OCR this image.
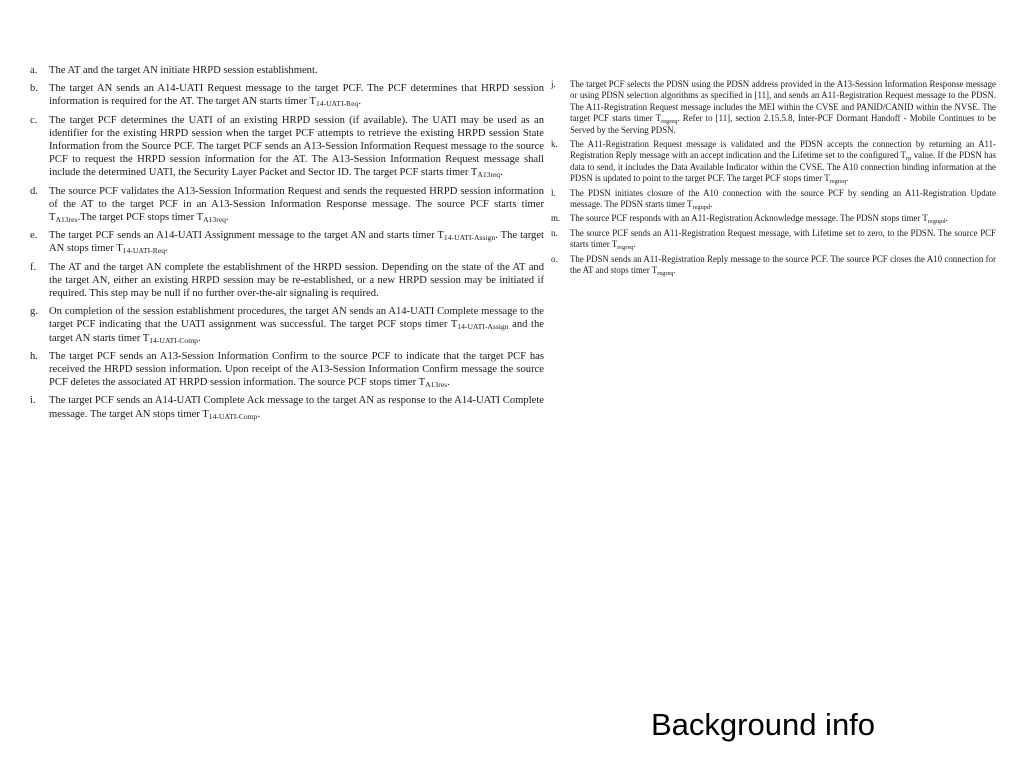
a.	The AT and the target AN initiate HRPD session establishment.
b.	The target AN sends an A14-UATI Request message to the target PCF. The PCF determines that HRPD session information is required for the AT. The target AN starts timer $T_{14-UATI-Req}$.
c.	The target PCF determines the UATI of an existing HRPD session (if available). The UATI may be used as an identifier for the existing HRPD session when the target PCF attempts to retrieve the existing HRPD session State Information from the Source PCF. The target PCF sends an A13-Session Information Request message to the source PCF to request the HRPD session information for the AT. The A13-Session Information Request message shall include the determined UATI, the Security Layer Packet and Sector ID. The target PCF starts timer $T_{A13req}$.
d.	The source PCF validates the A13-Session Information Request and sends the requested HRPD session information of the AT to the target PCF in an A13-Session Information Response message. The source PCF starts timer $T_{A13res}.The$ target PCF stops timer $T_{A13req}$.
e.	The target PCF sends an A14-UATI Assignment message to the target AN and starts timer $T_{14-UATI-Assign}$. The target AN stops timer $T_{14-UATI-Req}$.
f.	The AT and the target AN complete the establishment of the HRPD session. Depending on the state of the AT and the target AN, either an existing HRPD session may be re-established, or a new HRPD session may be initiated if required. This step may be null if no further over-the-air signaling is required.
g.	On completion of the session establishment procedures, the target AN sends an A14-UATI Complete message to the target PCF indicating that the UATI assignment was successful. The target PCF stops timer $T_{14-UATI-Assign}$ and the target AN starts timer $T_{14-UATI-Comp}$.
h.	The target PCF sends an A13-Session Information Confirm to the source PCF to indicate that the target PCF has received the HRPD session information. Upon receipt of the A13-Session Information Confirm message the source PCF deletes the associated AT HRPD session information. The source PCF stops timer $T_{A13res}$.
i.	The target PCF sends an A14-UATI Complete Ack message to the target AN as response to the A14-UATI Complete message. The target AN stops timer $T_{14-UATI-Comp}$.
j.	The target PCF selects the PDSN using the PDSN address provided in the A13-Session Information Response message or using PDSN selection algorithms as specified in [11], and sends an A11-Registration Request message to the PDSN. The A11-Registration Request message includes the MEI within the CVSE and PANID/CANID within the NVSE. The target PCF starts timer $T_{regreq}$. Refer to [11], section 2.15.5.8, Inter-PCF Dormant Handoff - Mobile Continues to be Served by the Serving PDSN.
k.	The A11-Registration Request message is validated and the PDSN accepts the connection by returning an A11-Registration Reply message with an accept indication and the Lifetime set to the configured $T_{rp}$ value. If the PDSN has data to send, it includes the Data Available Indicator within the CVSE. The A10 connection binding information at the PDSN is updated to point to the target PCF. The target PCF stops timer $T_{regreq}$.
l.	The PDSN initiates closure of the A10 connection with the source PCF by sending an A11-Registration Update message. The PDSN starts timer $T_{regupd}$.
m.	The source PCF responds with an A11-Registration Acknowledge message. The PDSN stops timer $T_{regupd}$.
n.	The source PCF sends an A11-Registration Request message, with Lifetime set to zero, to the PDSN. The source PCF starts timer $T_{regreq}$.
o.	The PDSN sends an A11-Registration Reply message to the source PCF. The source PCF closes the A10 connection for the AT and stops timer $T_{regreq}$.
Background info
